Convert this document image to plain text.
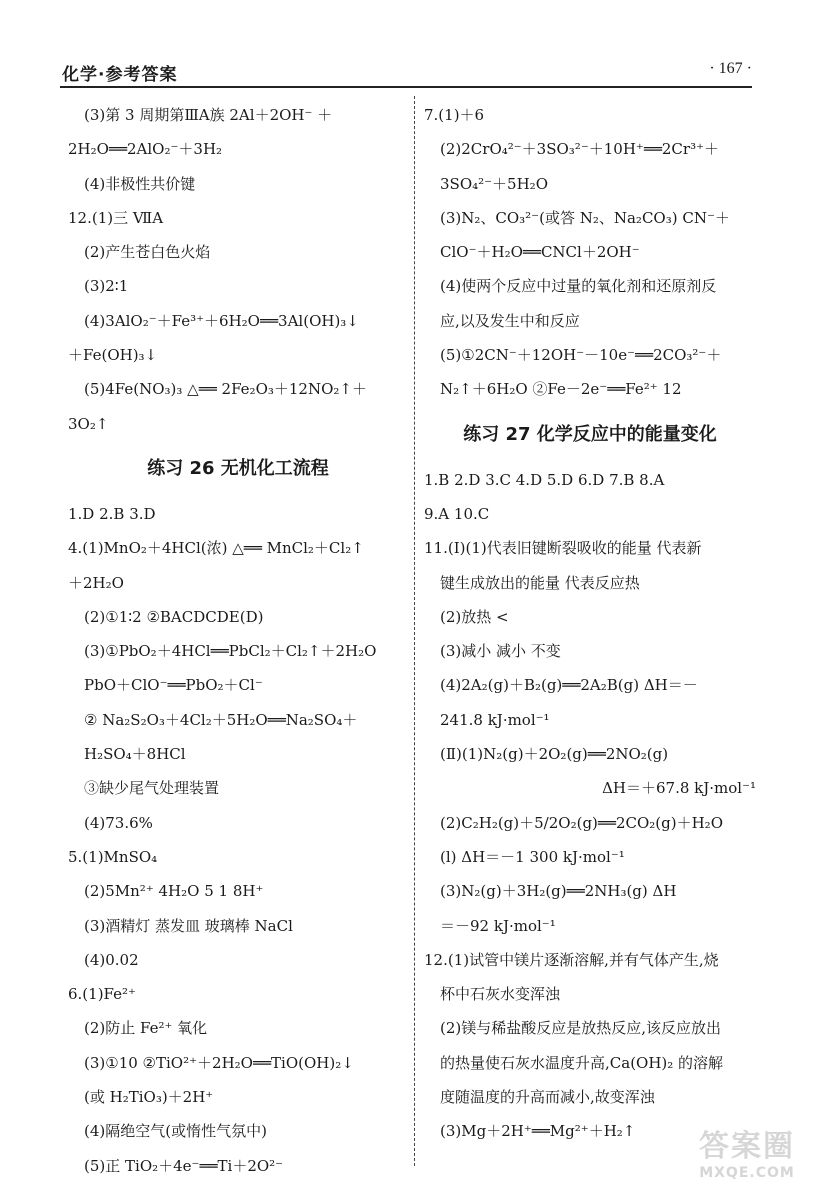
化学·参考答案	· 167 ·
(3)第 3 周期第ⅢA族 2Al＋2OH⁻ ＋
2H₂O══2AlO₂⁻＋3H₂
(4)非极性共价键
12.(1)三 ⅦA
(2)产生苍白色火焰
(3)2∶1
(4)3AlO₂⁻＋Fe³⁺＋6H₂O══3Al(OH)₃↓
＋Fe(OH)₃↓
(5)4Fe(NO₃)₃ △══ 2Fe₂O₃＋12NO₂↑＋
3O₂↑
练习 26 无机化工流程
1.D 2.B 3.D
4.(1)MnO₂＋4HCl(浓) △══ MnCl₂＋Cl₂↑
＋2H₂O
(2)①1∶2 ②BACDCDE(D)
(3)①PbO₂＋4HCl══PbCl₂＋Cl₂↑＋2H₂O
PbO＋ClO⁻══PbO₂＋Cl⁻
② Na₂S₂O₃＋4Cl₂＋5H₂O══Na₂SO₄＋
H₂SO₄＋8HCl
③缺少尾气处理装置
(4)73.6%
5.(1)MnSO₄
(2)5Mn²⁺ 4H₂O 5 1 8H⁺
(3)酒精灯 蒸发皿 玻璃棒 NaCl
(4)0.02
6.(1)Fe²⁺
(2)防止 Fe²⁺ 氧化
(3)①10 ②TiO²⁺＋2H₂O══TiO(OH)₂↓
(或 H₂TiO₃)＋2H⁺
(4)隔绝空气(或惰性气氛中)
(5)正 TiO₂＋4e⁻══Ti＋2O²⁻
7.(1)＋6
(2)2CrO₄²⁻＋3SO₃²⁻＋10H⁺══2Cr³⁺＋
3SO₄²⁻＋5H₂O
(3)N₂、CO₃²⁻(或答 N₂、Na₂CO₃) CN⁻＋
ClO⁻＋H₂O══CNCl＋2OH⁻
(4)使两个反应中过量的氧化剂和还原剂反
应,以及发生中和反应
(5)①2CN⁻＋12OH⁻－10e⁻══2CO₃²⁻＋
N₂↑＋6H₂O ②Fe－2e⁻══Fe²⁺ 12
练习 27 化学反应中的能量变化
1.B 2.D 3.C 4.D 5.D 6.D 7.B 8.A
9.A 10.C
11.(Ⅰ)(1)代表旧键断裂吸收的能量 代表新
键生成放出的能量 代表反应热
(2)放热 <
(3)减小 减小 不变
(4)2A₂(g)＋B₂(g)══2A₂B(g) ΔH＝－
241.8 kJ·mol⁻¹
(Ⅱ)(1)N₂(g)＋2O₂(g)══2NO₂(g)
ΔH＝＋67.8 kJ·mol⁻¹
(2)C₂H₂(g)＋5/2O₂(g)══2CO₂(g)＋H₂O
(l) ΔH＝－1 300 kJ·mol⁻¹
(3)N₂(g)＋3H₂(g)══2NH₃(g) ΔH
＝－92 kJ·mol⁻¹
12.(1)试管中镁片逐渐溶解,并有气体产生,烧
杯中石灰水变浑浊
(2)镁与稀盐酸反应是放热反应,该反应放出
的热量使石灰水温度升高,Ca(OH)₂ 的溶解
度随温度的升高而减小,故变浑浊
(3)Mg＋2H⁺══Mg²⁺＋H₂↑	答案圈
MXQE.COM
